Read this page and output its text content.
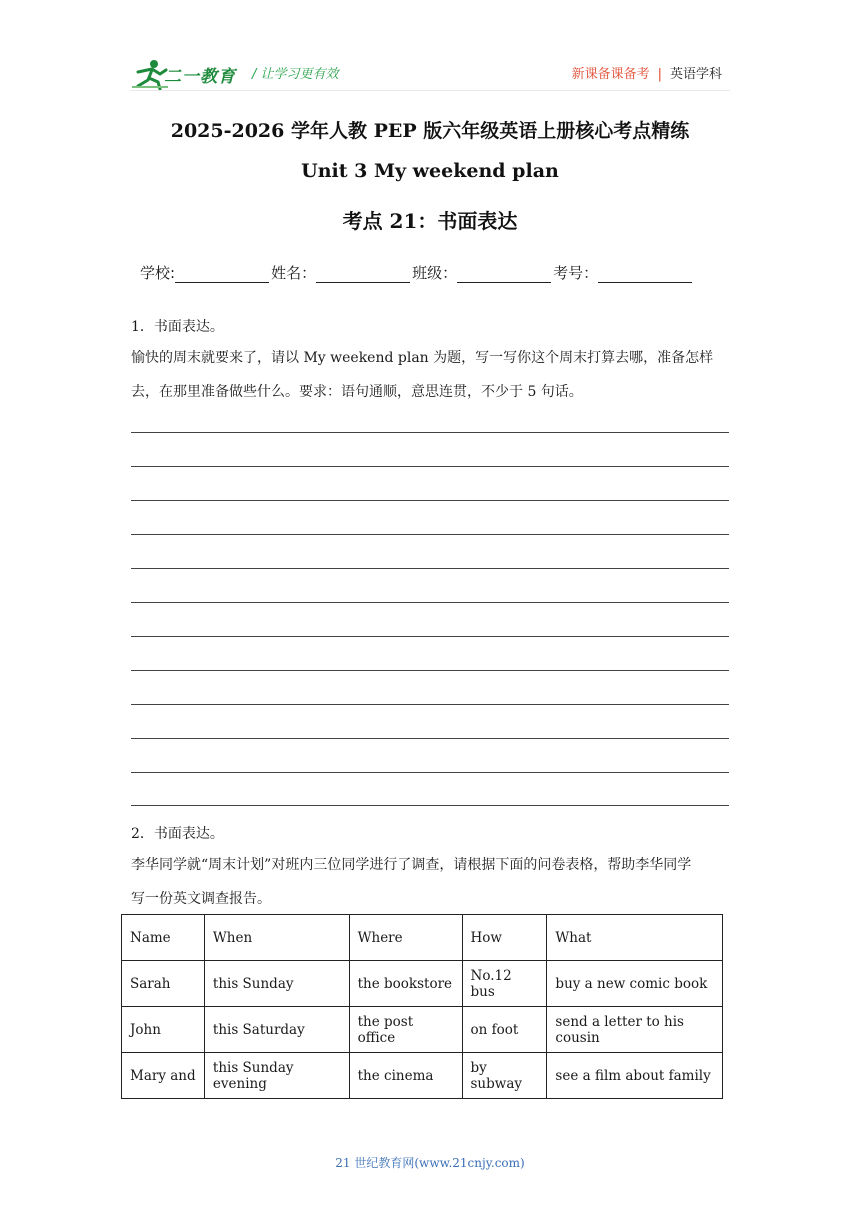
二一教育 / 让学习更有效	新课备课备考 | 英语学科
2025-2026 学年人教 PEP 版六年级英语上册核心考点精练
Unit 3 My weekend plan
考点 21：书面表达
学校:	姓名：	班级：	考号：
1．书面表达。
愉快的周末就要来了，请以 My weekend plan 为题，写一写你这个周末打算去哪，准备怎样
去，在那里准备做些什么。要求：语句通顺，意思连贯，不少于 5 句话。
2．书面表达。
李华同学就“周末计划”对班内三位同学进行了调查，请根据下面的问卷表格，帮助李华同学
写一份英文调查报告。
Name	When	Where	How	What
Sarah	this Sunday	the bookstore	No.12 bus	buy a new comic book
John	this Saturday	the post office	on foot	send a letter to his cousin
Mary and	this Sunday evening	the cinema	by subway	see a film about family
21 世纪教育网(www.21cnjy.com)
